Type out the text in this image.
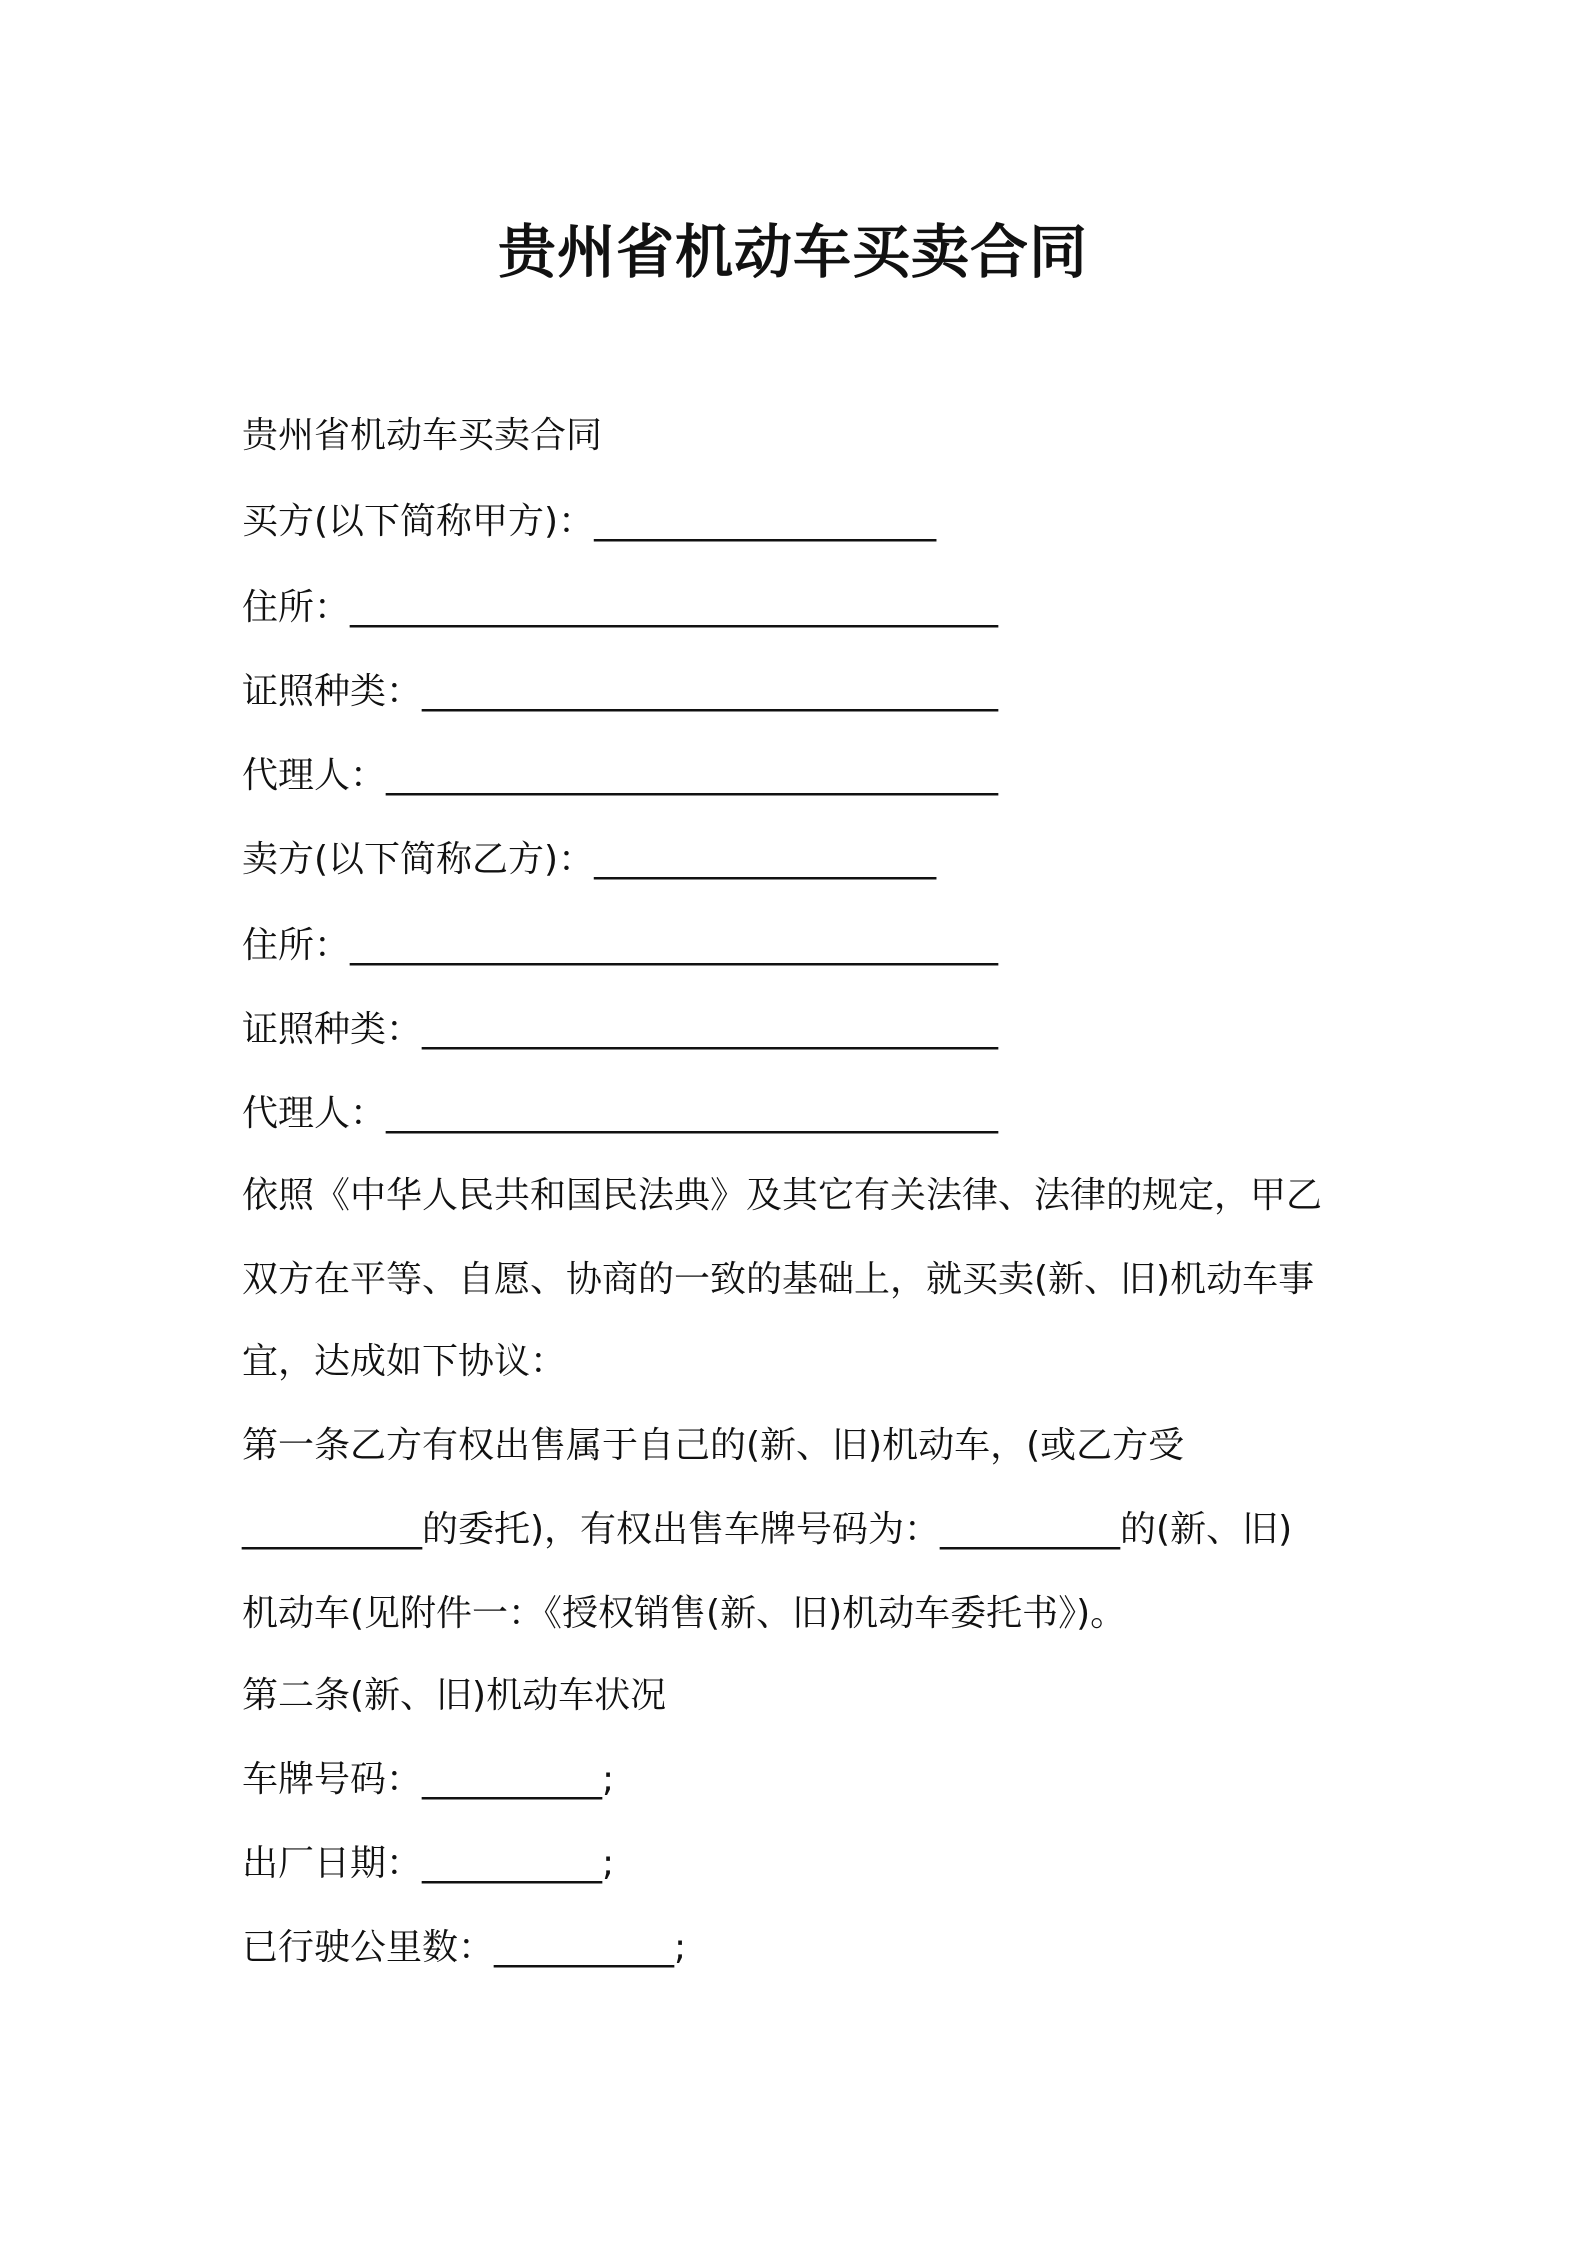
贵州省机动车买卖合同
贵州省机动车买卖合同
买方(以下简称甲方)：___________________
住所：____________________________________
证照种类：________________________________
代理人：__________________________________
卖方(以下简称乙方)：___________________
住所：____________________________________
证照种类：________________________________
代理人：__________________________________
依照《中华人民共和国民法典》及其它有关法律、法律的规定，甲乙
双方在平等、自愿、协商的一致的基础上，就买卖(新、旧)机动车事
宜，达成如下协议：
第一条乙方有权出售属于自己的(新、旧)机动车，(或乙方受
__________的委托)，有权出售车牌号码为：__________的(新、旧)
机动车(见附件一：《授权销售(新、旧)机动车委托书》)。
第二条(新、旧)机动车状况
车牌号码：__________;
出厂日期：__________;
已行驶公里数：__________;
